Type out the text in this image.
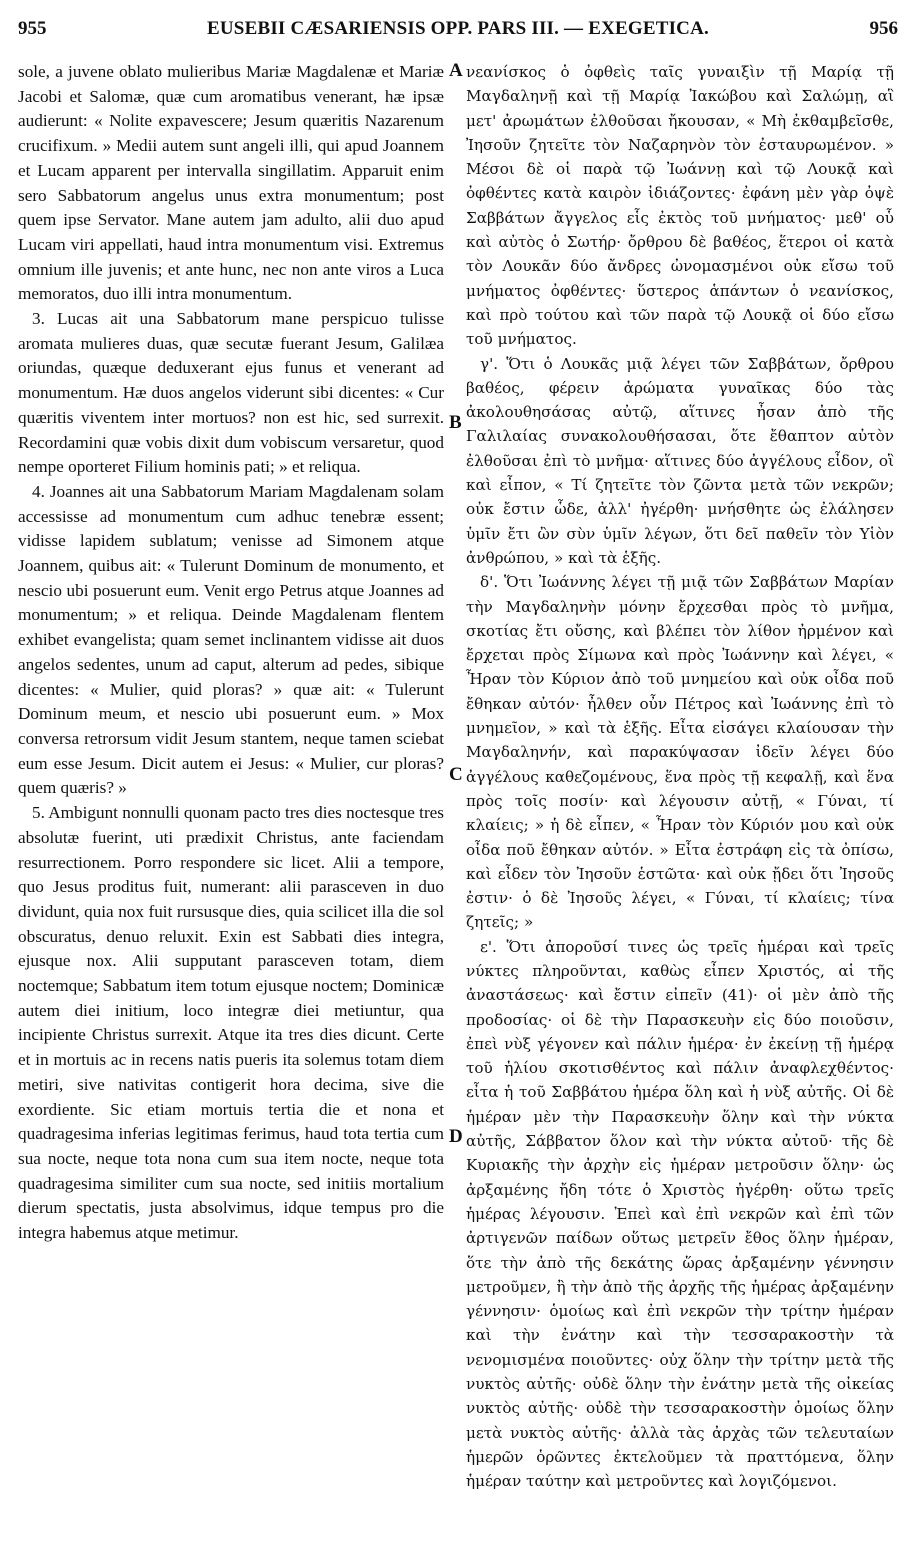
955	EUSEBII CÆSARIENSIS OPP. PARS III. — EXEGETICA.	956

sole, a juvene oblato mulieribus Mariæ Magdalenæ et Mariæ Jacobi et Salomæ, quæ cum aromatibus venerant, hæ ipsæ audierunt: « Nolite expavescere; Jesum quæritis Nazarenum crucifixum. » Medii autem sunt angeli illi, qui apud Joannem et Lucam apparent per intervalla singillatim. Apparuit enim sero Sabbatorum angelus unus extra monumentum; post quem ipse Servator. Mane autem jam adulto, alii duo apud Lucam viri appellati, haud intra monumentum visi. Extremus omnium ille juvenis; et ante hunc, nec non ante viros a Luca memoratos, duo illi intra monumentum.

3. Lucas ait una Sabbatorum mane perspicuo tulisse aromata mulieres duas, quæ secutæ fuerant Jesum, Galilæa oriundas, quæque deduxerant ejus funus et venerant ad monumentum. Hæ duos angelos viderunt sibi dicentes: « Cur quæritis viventem inter mortuos? non est hic, sed surrexit. Recordamini quæ vobis dixit dum vobiscum versaretur, quod nempe oporteret Filium hominis pati; » et reliqua.

4. Joannes ait una Sabbatorum Mariam Magdalenam solam accessisse ad monumentum cum adhuc tenebræ essent; vidisse lapidem sublatum; venisse ad Simonem atque Joannem, quibus ait: « Tulerunt Dominum de monumento, et nescio ubi posuerunt eum. Venit ergo Petrus atque Joannes ad monumentum; » et reliqua. Deinde Magdalenam flentem exhibet evangelista; quam semet inclinantem vidisse ait duos angelos sedentes, unum ad caput, alterum ad pedes, sibique dicentes: « Mulier, quid ploras? » quæ ait: « Tulerunt Dominum meum, et nescio ubi posuerunt eum. » Mox conversa retrorsum vidit Jesum stantem, neque tamen sciebat eum esse Jesum. Dicit autem ei Jesus: « Mulier, cur ploras? quem quæris? »

5. Ambigunt nonnulli quonam pacto tres dies noctesque tres absolutæ fuerint, uti prædixit Christus, ante faciendam resurrectionem. Porro respondere sic licet. Alii a tempore, quo Jesus proditus fuit, numerant: alii parasceven in duo dividunt, quia nox fuit rursusque dies, quia scilicet illa die sol obscuratus, denuo reluxit. Exin est Sabbati dies integra, ejusque nox. Alii supputant parasceven totam, diem noctemque; Sabbatum item totum ejusque noctem; Dominicæ autem diei initium, loco integræ diei metiuntur, qua incipiente Christus surrexit. Atque ita tres dies dicunt. Certe et in mortuis ac in recens natis pueris ita solemus totam diem metiri, sive nativitas contigerit hora decima, sive die exordiente. Sic etiam mortuis tertia die et nona et quadragesima inferias legitimas ferimus, haud tota tertia cum sua nocte, neque tota nona cum sua item nocte, neque tota quadragesima similiter cum sua nocte, sed initiis mortalium dierum spectatis, justa absolvimus, idque tempus pro die integra habemus atque metimur.

A
B
C
D

νεανίσκος ὁ ὀφθεὶς ταῖς γυναιξὶν τῇ Μαρίᾳ τῇ Μαγδαληνῇ καὶ τῇ Μαρίᾳ Ἰακώβου καὶ Σαλώμῃ, αἳ μετ' ἀρωμάτων ἐλθοῦσαι ἤκουσαν, « Μὴ ἐκθαμβεῖσθε, Ἰησοῦν ζητεῖτε τὸν Ναζαρηνὸν τὸν ἐσταυρωμένον. » Μέσοι δὲ οἱ παρὰ τῷ Ἰωάννῃ καὶ τῷ Λουκᾷ καὶ ὀφθέντες κατὰ καιρὸν ἰδιάζοντες· ἐφάνη μὲν γὰρ ὀψὲ Σαββάτων ἄγγελος εἷς ἐκτὸς τοῦ μνήματος· μεθ' οὗ καὶ αὐτὸς ὁ Σωτήρ· ὄρθρου δὲ βαθέος, ἕτεροι οἱ κατὰ τὸν Λουκᾶν δύο ἄνδρες ὠνομασμένοι οὐκ εἴσω τοῦ μνήματος ὀφθέντες· ὕστερος ἁπάντων ὁ νεανίσκος, καὶ πρὸ τούτου καὶ τῶν παρὰ τῷ Λουκᾷ οἱ δύο εἴσω τοῦ μνήματος.

γ'. Ὅτι ὁ Λουκᾶς μιᾷ λέγει τῶν Σαββάτων, ὄρθρου βαθέος, φέρειν ἀρώματα γυναῖκας δύο τὰς ἀκολουθησάσας αὐτῷ, αἵτινες ἦσαν ἀπὸ τῆς Γαλιλαίας συνακολουθήσασαι, ὅτε ἔθαπτον αὐτὸν ἐλθοῦσαι ἐπὶ τὸ μνῆμα· αἵτινες δύο ἀγγέλους εἶδον, οἳ καὶ εἶπον, « Τί ζητεῖτε τὸν ζῶντα μετὰ τῶν νεκρῶν; οὐκ ἔστιν ὧδε, ἀλλ' ἠγέρθη· μνήσθητε ὡς ἐλάλησεν ὑμῖν ἔτι ὢν σὺν ὑμῖν λέγων, ὅτι δεῖ παθεῖν τὸν Υἱὸν ἀνθρώπου, » καὶ τὰ ἑξῆς.

δ'. Ὅτι Ἰωάννης λέγει τῇ μιᾷ τῶν Σαββάτων Μαρίαν τὴν Μαγδαληνὴν μόνην ἔρχεσθαι πρὸς τὸ μνῆμα, σκοτίας ἔτι οὔσης, καὶ βλέπει τὸν λίθον ἠρμένον καὶ ἔρχεται πρὸς Σίμωνα καὶ πρὸς Ἰωάννην καὶ λέγει, « Ἦραν τὸν Κύριον ἀπὸ τοῦ μνημείου καὶ οὐκ οἶδα ποῦ ἔθηκαν αὐτόν· ἦλθεν οὖν Πέτρος καὶ Ἰωάννης ἐπὶ τὸ μνημεῖον, » καὶ τὰ ἑξῆς. Εἶτα εἰσάγει κλαίουσαν τὴν Μαγδαληνήν, καὶ παρακύψασαν ἰδεῖν λέγει δύο ἀγγέλους καθεζομένους, ἕνα πρὸς τῇ κεφαλῇ, καὶ ἕνα πρὸς τοῖς ποσίν· καὶ λέγουσιν αὐτῇ, « Γύναι, τί κλαίεις; » ἡ δὲ εἶπεν, « Ἦραν τὸν Κύριόν μου καὶ οὐκ οἶδα ποῦ ἔθηκαν αὐτόν. » Εἶτα ἐστράφη εἰς τὰ ὀπίσω, καὶ εἶδεν τὸν Ἰησοῦν ἑστῶτα· καὶ οὐκ ᾔδει ὅτι Ἰησοῦς ἐστιν· ὁ δὲ Ἰησοῦς λέγει, « Γύναι, τί κλαίεις; τίνα ζητεῖς; »

ε'. Ὅτι ἀποροῦσί τινες ὡς τρεῖς ἡμέραι καὶ τρεῖς νύκτες πληροῦνται, καθὼς εἶπεν Χριστός, αἱ τῆς ἀναστάσεως· καὶ ἔστιν εἰπεῖν (41)· οἱ μὲν ἀπὸ τῆς προδοσίας· οἱ δὲ τὴν Παρασκευὴν εἰς δύο ποιοῦσιν, ἐπεὶ νὺξ γέγονεν καὶ πάλιν ἡμέρα· ἐν ἐκείνῃ τῇ ἡμέρᾳ τοῦ ἡλίου σκοτισθέντος καὶ πάλιν ἀναφλεχθέντος· εἶτα ἡ τοῦ Σαββάτου ἡμέρα ὅλη καὶ ἡ νὺξ αὐτῆς. Οἱ δὲ ἡμέραν μὲν τὴν Παρασκευὴν ὅλην καὶ τὴν νύκτα αὐτῆς, Σάββατον ὅλον καὶ τὴν νύκτα αὐτοῦ· τῆς δὲ Κυριακῆς τὴν ἀρχὴν εἰς ἡμέραν μετροῦσιν ὅλην· ὡς ἀρξαμένης ἤδη τότε ὁ Χριστὸς ἠγέρθη· οὕτω τρεῖς ἡμέρας λέγουσιν. Ἐπεὶ καὶ ἐπὶ νεκρῶν καὶ ἐπὶ τῶν ἀρτιγενῶν παίδων οὕτως μετρεῖν ἔθος ὅλην ἡμέραν, ὅτε τὴν ἀπὸ τῆς δεκάτης ὥρας ἀρξαμένην γέννησιν μετροῦμεν, ἢ τὴν ἀπὸ τῆς ἀρχῆς τῆς ἡμέρας ἀρξαμένην γέννησιν· ὁμοίως καὶ ἐπὶ νεκρῶν τὴν τρίτην ἡμέραν καὶ τὴν ἐνάτην καὶ τὴν τεσσαρακοστὴν τὰ νενομισμένα ποιοῦντες· οὐχ ὅλην τὴν τρίτην μετὰ τῆς νυκτὸς αὐτῆς· οὐδὲ ὅλην τὴν ἐνάτην μετὰ τῆς οἰκείας νυκτὸς αὐτῆς· οὐδὲ τὴν τεσσαρακοστὴν ὁμοίως ὅλην μετὰ νυκτὸς αὐτῆς· ἀλλὰ τὰς ἀρχὰς τῶν τελευταίων ἡμερῶν ὁρῶντες ἐκτελοῦμεν τὰ πραττόμενα, ὅλην ἡμέραν ταύτην καὶ μετροῦντες καὶ λογιζόμενοι.
